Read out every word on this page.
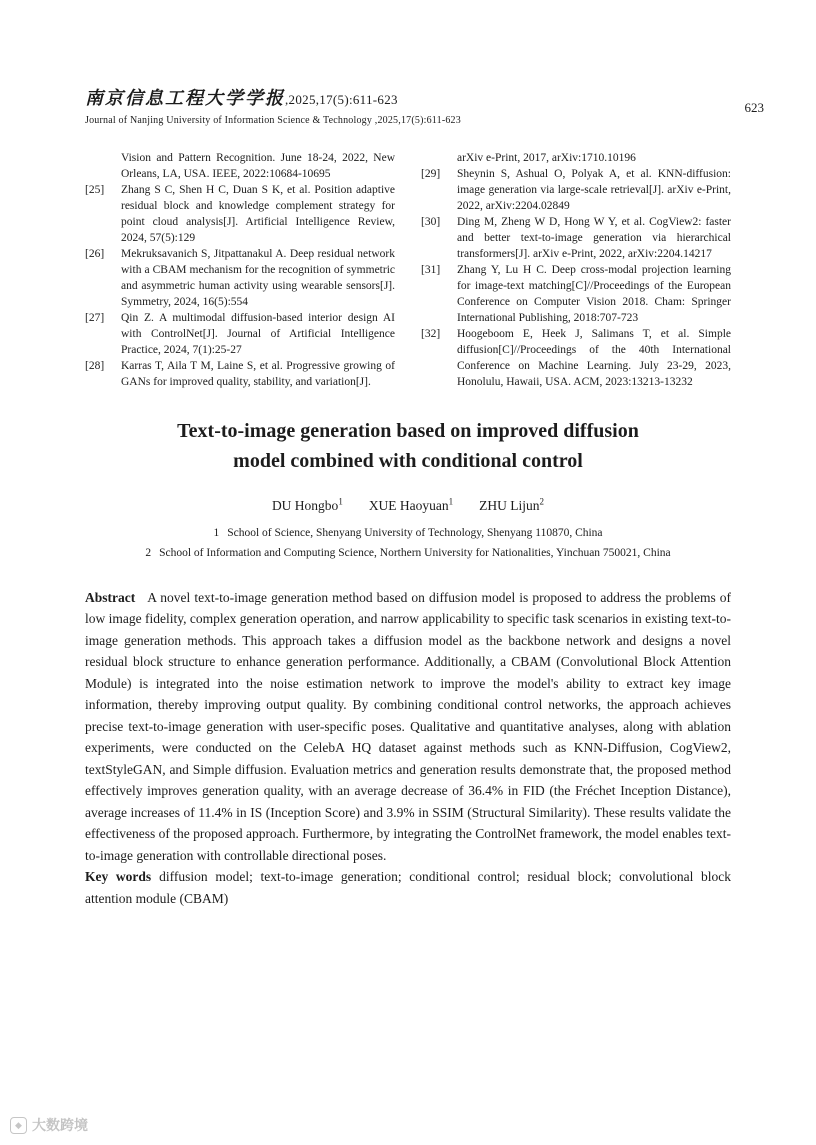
南京信息工程大学学报,2025,17(5):611-623
Journal of Nanjing University of Information Science & Technology ,2025,17(5):611-623
623
Vision and Pattern Recognition. June 18-24, 2022, New Orleans, LA, USA. IEEE, 2022:10684-10695
[25]	Zhang S C, Shen H C, Duan S K, et al. Position adaptive residual block and knowledge complement strategy for point cloud analysis[J]. Artificial Intelligence Review, 2024, 57(5):129
[26]	Mekruksavanich S, Jitpattanakul A. Deep residual network with a CBAM mechanism for the recognition of symmetric and asymmetric human activity using wearable sensors[J]. Symmetry, 2024, 16(5):554
[27]	Qin Z. A multimodal diffusion-based interior design AI with ControlNet[J]. Journal of Artificial Intelligence Practice, 2024, 7(1):25-27
[28]	Karras T, Aila T M, Laine S, et al. Progressive growing of GANs for improved quality, stability, and variation[J].
arXiv e-Print, 2017, arXiv:1710.10196
[29]	Sheynin S, Ashual O, Polyak A, et al. KNN-diffusion: image generation via large-scale retrieval[J]. arXiv e-Print, 2022, arXiv:2204.02849
[30]	Ding M, Zheng W D, Hong W Y, et al. CogView2: faster and better text-to-image generation via hierarchical transformers[J]. arXiv e-Print, 2022, arXiv:2204.14217
[31]	Zhang Y, Lu H C. Deep cross-modal projection learning for image-text matching[C]//Proceedings of the European Conference on Computer Vision 2018. Cham: Springer International Publishing, 2018:707-723
[32]	Hoogeboom E, Heek J, Salimans T, et al. Simple diffusion[C]//Proceedings of the 40th International Conference on Machine Learning. July 23-29, 2023, Honolulu, Hawaii, USA. ACM, 2023:13213-13232
Text-to-image generation based on improved diffusion
model combined with conditional control
DU Hongbo$^1$ XUE Haoyuan$^1$ ZHU Lijun$^2$
1 School of Science, Shenyang University of Technology, Shenyang 110870, China
2 School of Information and Computing Science, Northern University for Nationalities, Yinchuan 750021, China

Abstract A novel text-to-image generation method based on diffusion model is proposed to address the problems of low image fidelity, complex generation operation, and narrow applicability to specific task scenarios in existing text-to-image generation methods. This approach takes a diffusion model as the backbone network and designs a novel residual block structure to enhance generation performance. Additionally, a CBAM (Convolutional Block Attention Module) is integrated into the noise estimation network to improve the model's ability to extract key image information, thereby improving output quality. By combining conditional control networks, the approach achieves precise text-to-image generation with user-specific poses. Qualitative and quantitative analyses, along with ablation experiments, were conducted on the CelebA HQ dataset against methods such as KNN-Diffusion, CogView2, textStyleGAN, and Simple diffusion. Evaluation metrics and generation results demonstrate that, the proposed method effectively improves generation quality, with an average decrease of 36.4% in FID (the Fréchet Inception Distance), average increases of 11.4% in IS (Inception Score) and 3.9% in SSIM (Structural Similarity). These results validate the effectiveness of the proposed approach. Furthermore, by integrating the ControlNet framework, the model enables text-to-image generation with controllable directional poses.

Key words diffusion model; text-to-image generation; conditional control; residual block; convolutional block attention module (CBAM)

◆ 大数跨境
